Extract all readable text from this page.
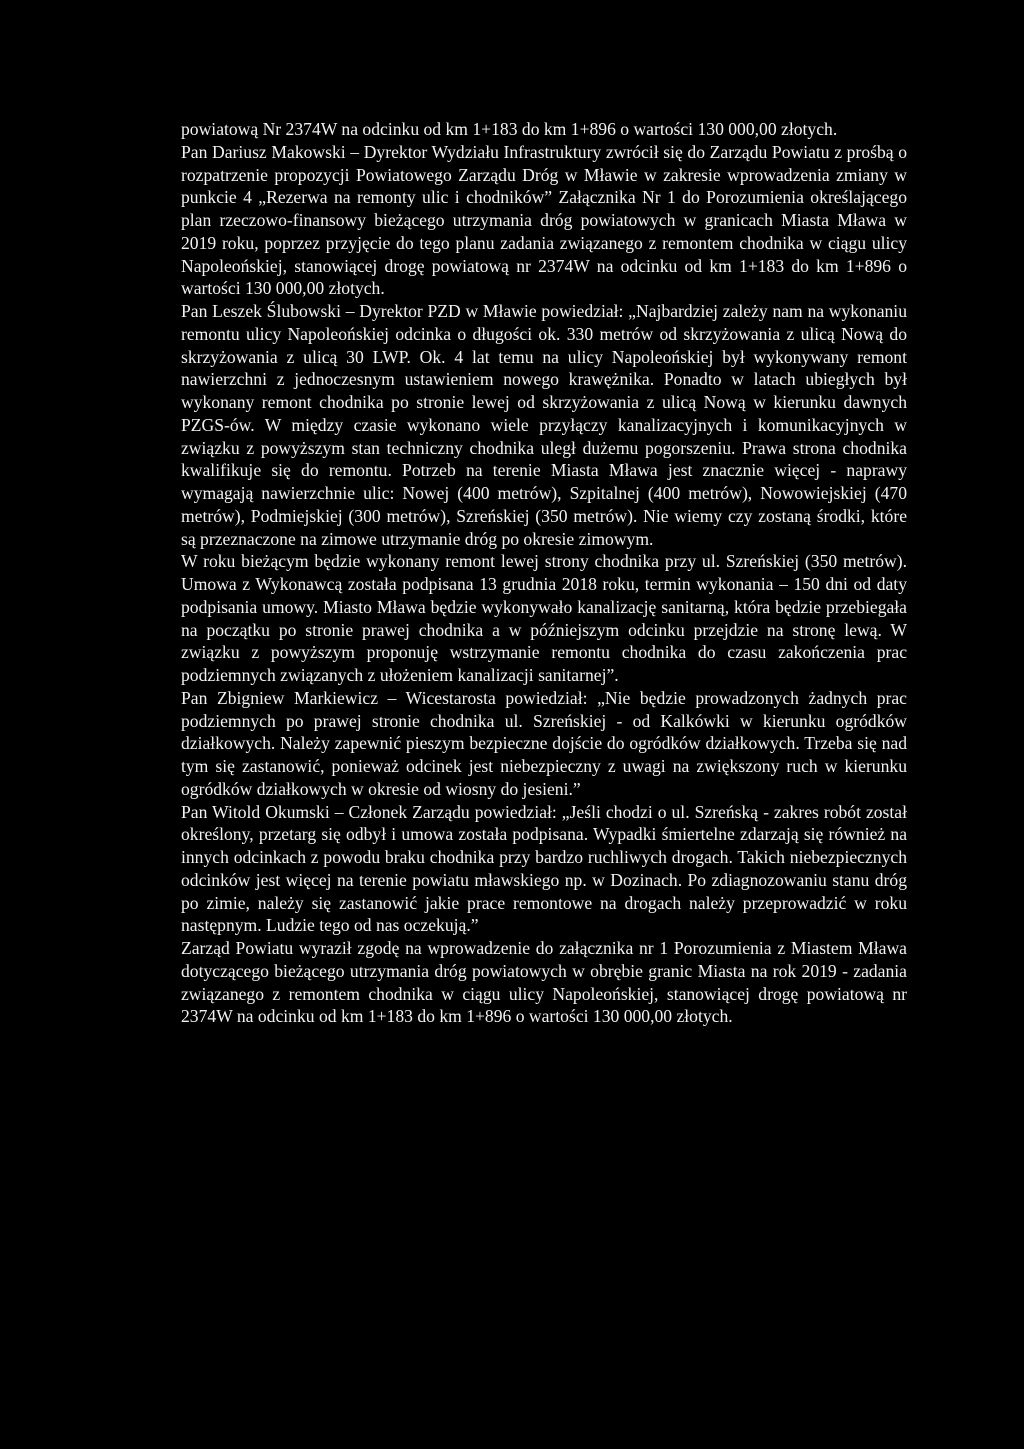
powiatową Nr 2374W na odcinku od km 1+183 do km 1+896 o wartości 130 000,00 złotych.

Pan Dariusz Makowski – Dyrektor Wydziału Infrastruktury zwrócił się do Zarządu Powiatu z prośbą o rozpatrzenie propozycji Powiatowego Zarządu Dróg w Mławie w zakresie wprowadzenia zmiany w punkcie 4 „Rezerwa na remonty ulic i chodników” Załącznika Nr 1 do Porozumienia określającego plan rzeczowo-finansowy bieżącego utrzymania dróg powiatowych w granicach Miasta Mława w 2019 roku, poprzez przyjęcie do tego planu zadania związanego z remontem chodnika w ciągu ulicy Napoleońskiej, stanowiącej drogę powiatową nr 2374W na odcinku od km 1+183 do km 1+896 o wartości 130 000,00 złotych.

Pan Leszek Ślubowski – Dyrektor PZD w Mławie powiedział: „Najbardziej zależy nam na wykonaniu remontu ulicy Napoleońskiej odcinka o długości ok. 330 metrów od skrzyżowania z ulicą Nową do skrzyżowania z ulicą 30 LWP. Ok. 4 lat temu na ulicy Napoleońskiej był wykonywany remont nawierzchni z jednoczesnym ustawieniem nowego krawężnika. Ponadto w latach ubiegłych był wykonany remont chodnika po stronie lewej od skrzyżowania z ulicą Nową w kierunku dawnych PZGS-ów. W między czasie wykonano wiele przyłączy kanalizacyjnych i komunikacyjnych w związku z powyższym stan techniczny chodnika uległ dużemu pogorszeniu. Prawa strona chodnika kwalifikuje się do remontu. Potrzeb na terenie Miasta Mława jest znacznie więcej - naprawy wymagają nawierzchnie ulic: Nowej (400 metrów), Szpitalnej (400 metrów), Nowowiejskiej (470 metrów), Podmiejskiej (300 metrów), Szreńskiej (350 metrów). Nie wiemy czy zostaną środki, które są przeznaczone na zimowe utrzymanie dróg po okresie zimowym.

W roku bieżącym będzie wykonany remont lewej strony chodnika przy ul. Szreńskiej (350 metrów). Umowa z Wykonawcą została podpisana 13 grudnia 2018 roku, termin wykonania – 150 dni od daty podpisania umowy. Miasto Mława będzie wykonywało kanalizację sanitarną, która będzie przebiegała na początku po stronie prawej chodnika a w późniejszym odcinku przejdzie na stronę lewą. W związku z powyższym proponuję wstrzymanie remontu chodnika do czasu zakończenia prac podziemnych związanych z ułożeniem kanalizacji sanitarnej”.

Pan Zbigniew Markiewicz – Wicestarosta powiedział: „Nie będzie prowadzonych żadnych prac podziemnych po prawej stronie chodnika ul. Szreńskiej - od Kalkówki w kierunku ogródków działkowych. Należy zapewnić pieszym bezpieczne dojście do ogródków działkowych. Trzeba się nad tym się zastanowić, ponieważ odcinek jest niebezpieczny z uwagi na zwiększony ruch w kierunku ogródków działkowych w okresie od wiosny do jesieni.”

Pan Witold Okumski – Członek Zarządu powiedział: „Jeśli chodzi o ul. Szreńską - zakres robót został określony, przetarg się odbył i umowa została podpisana. Wypadki śmiertelne zdarzają się również na innych odcinkach z powodu braku chodnika przy bardzo ruchliwych drogach. Takich niebezpiecznych odcinków jest więcej na terenie powiatu mławskiego np. w Dozinach. Po zdiagnozowaniu stanu dróg po zimie, należy się zastanowić jakie prace remontowe na drogach należy przeprowadzić w roku następnym. Ludzie tego od nas oczekują.”

Zarząd Powiatu wyraził zgodę na wprowadzenie do załącznika nr 1 Porozumienia z Miastem Mława dotyczącego bieżącego utrzymania dróg powiatowych w obrębie granic Miasta na rok 2019 - zadania związanego z remontem chodnika w ciągu ulicy Napoleońskiej, stanowiącej drogę powiatową nr 2374W na odcinku od km 1+183 do km 1+896 o wartości 130 000,00 złotych.
